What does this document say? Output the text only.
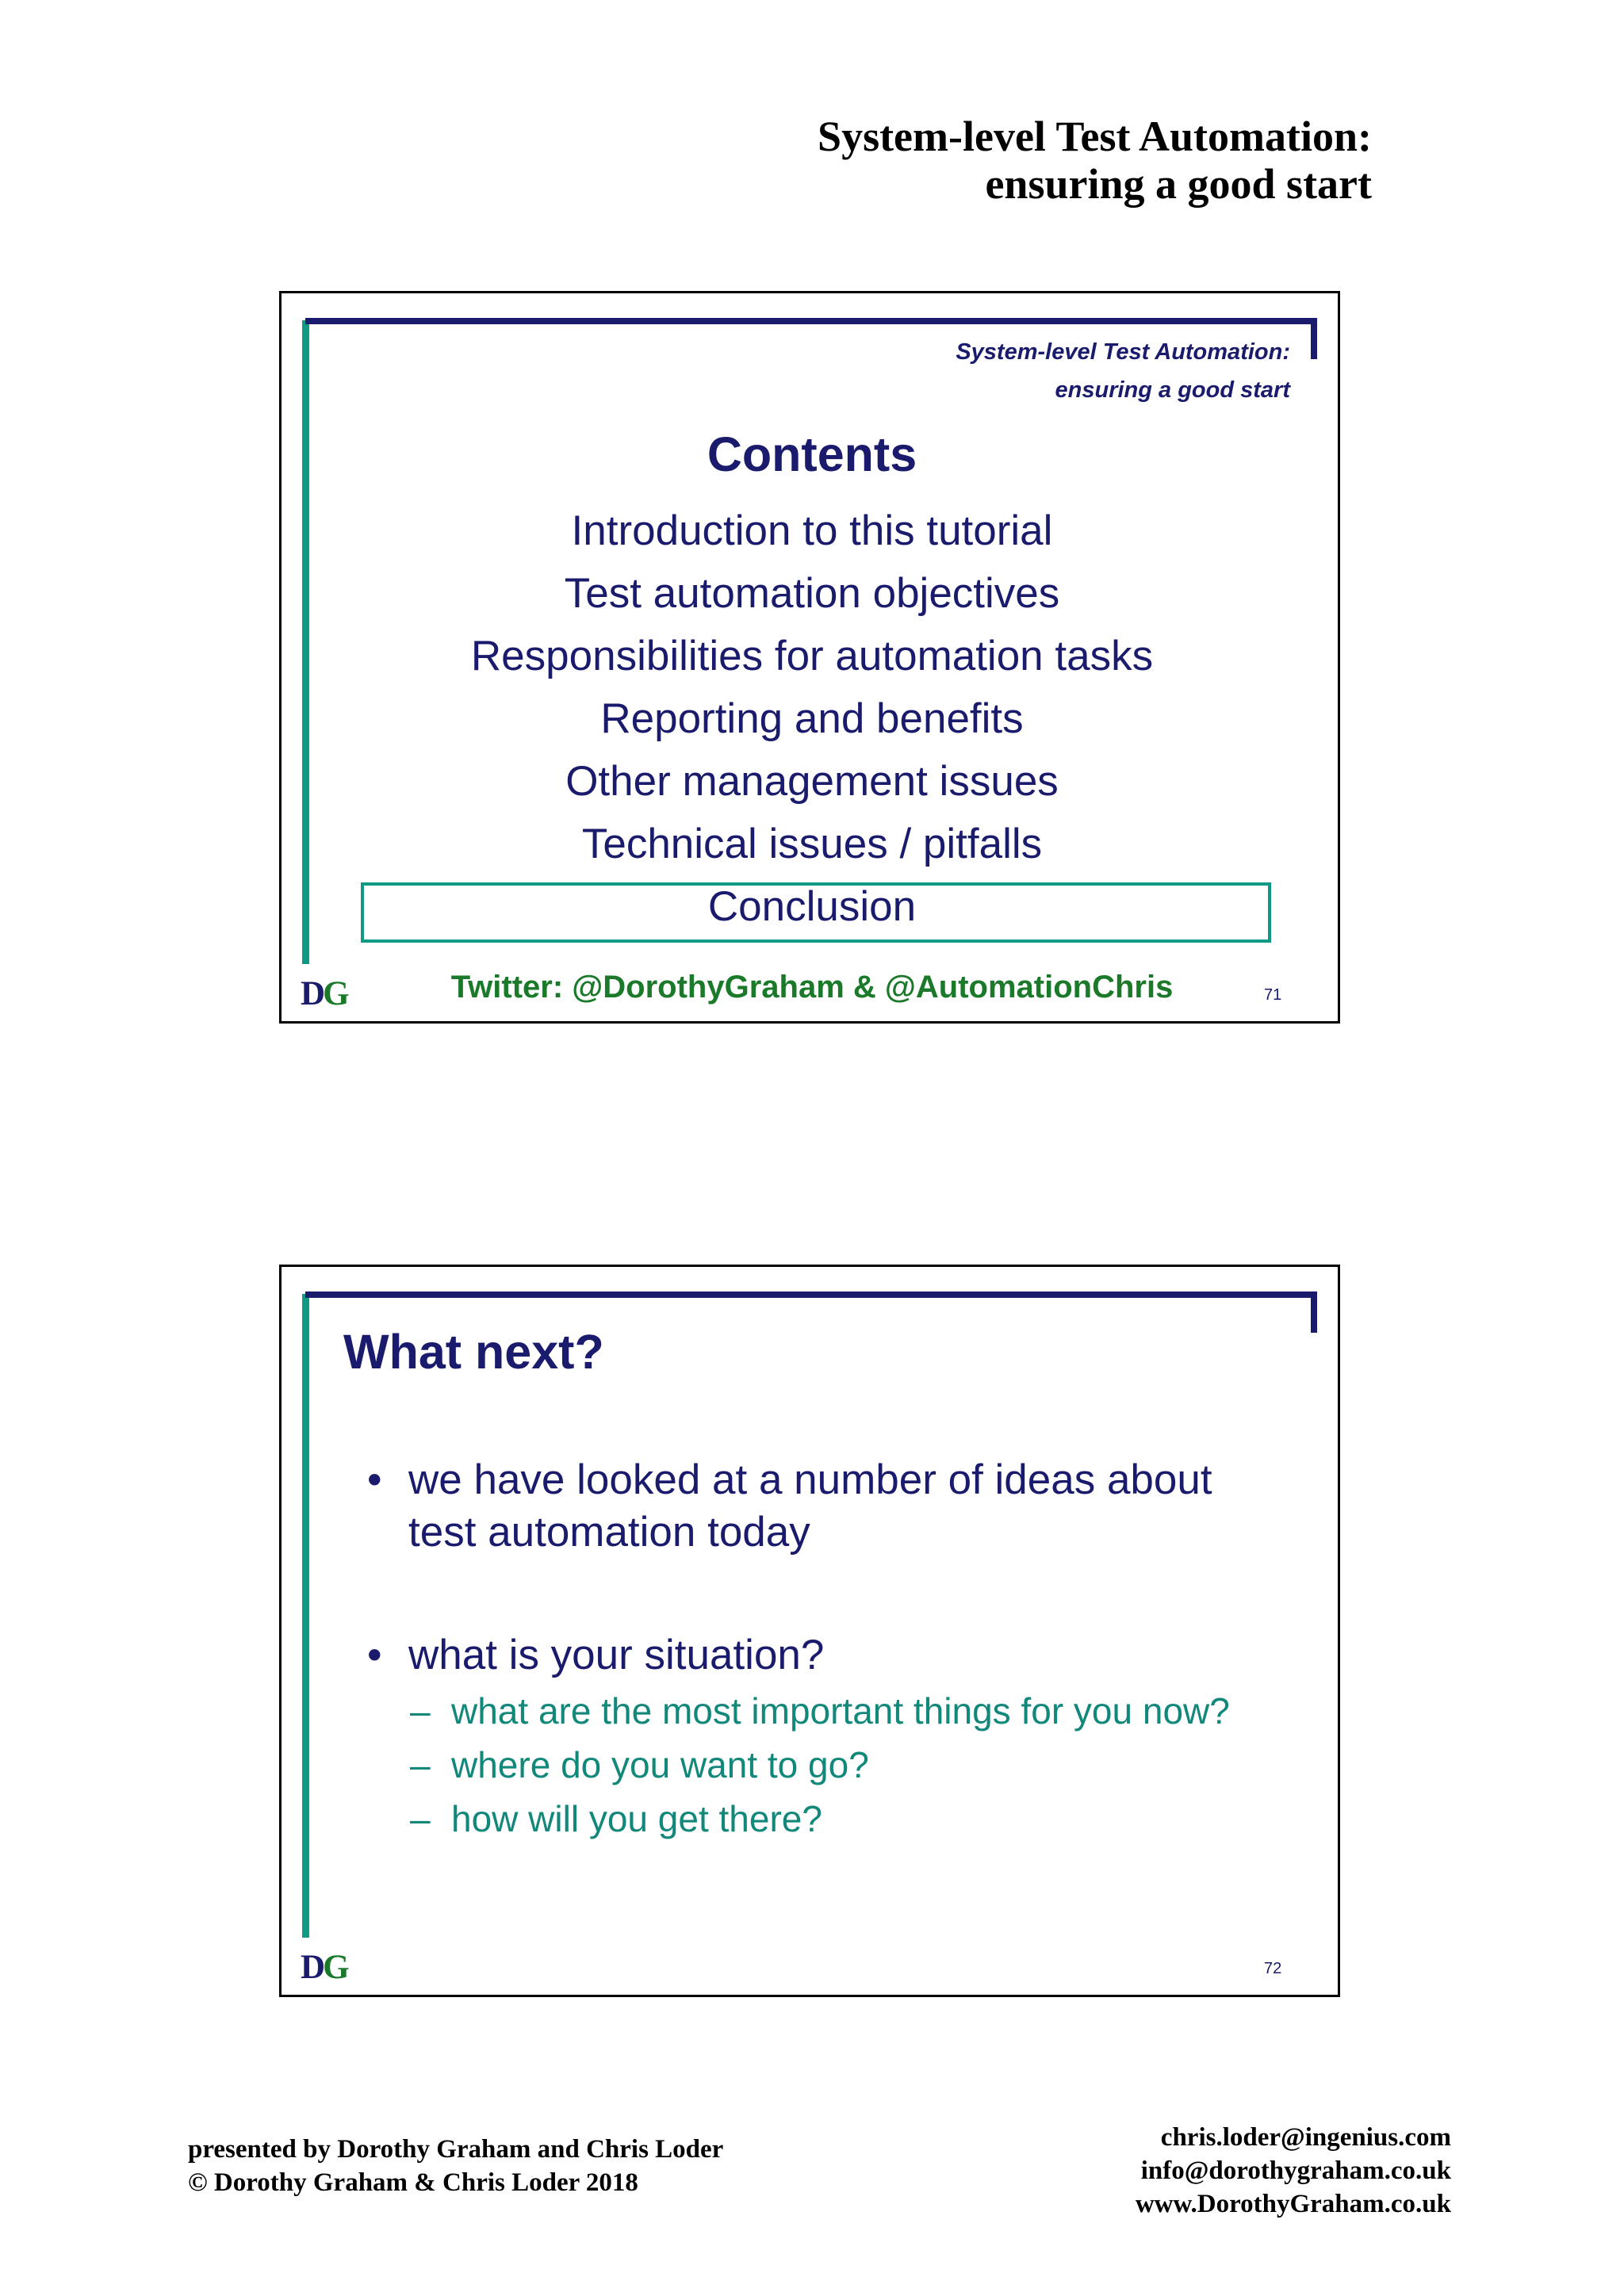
System-level Test Automation:
ensuring a good start
System-level Test Automation:
ensuring a good start
Contents
Introduction to this tutorial
Test automation objectives
Responsibilities for automation tasks
Reporting and benefits
Other management issues
Technical issues / pitfalls
Conclusion
Twitter: @DorothyGraham & @AutomationChris
DG	71
What next?
• we have looked at a number of ideas about test automation today
• what is your situation?
– what are the most important things for you now?
– where do you want to go?
– how will you get there?
DG	72
presented by Dorothy Graham and Chris Loder
© Dorothy Graham & Chris Loder 2018
chris.loder@ingenius.com
info@dorothygraham.co.uk
www.DorothyGraham.co.uk
